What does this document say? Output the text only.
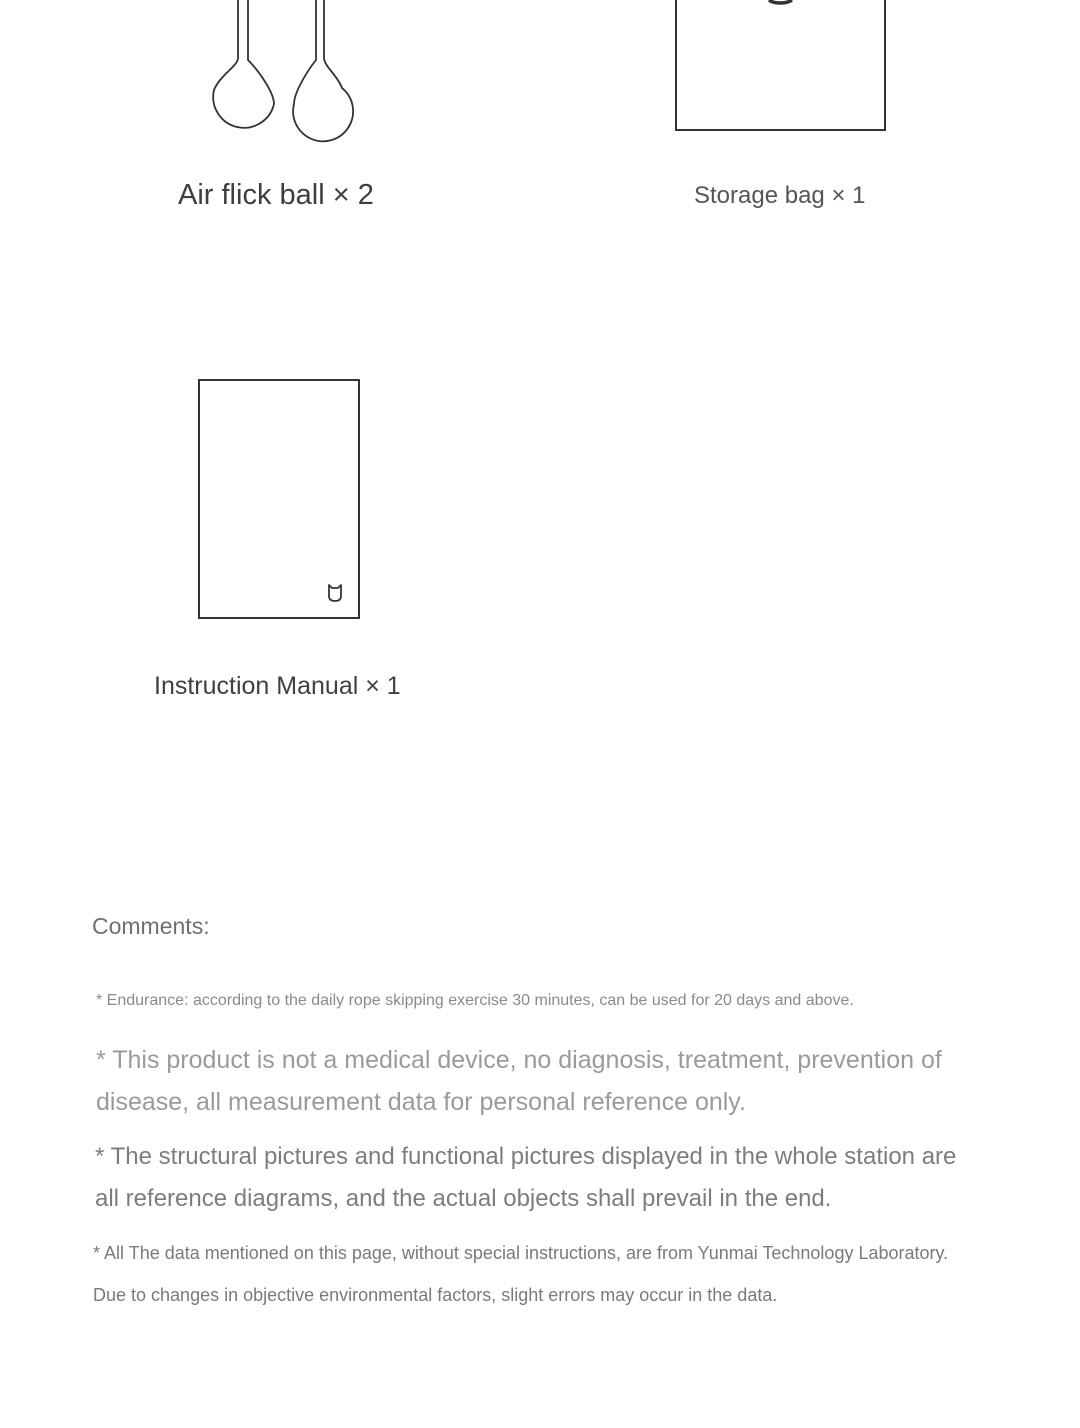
Air flick ball × 2	Storage bag × 1
Instruction Manual × 1
Comments:

* Endurance: according to the daily rope skipping exercise 30 minutes, can be used for 20 days and above.

* This product is not a medical device, no diagnosis, treatment, prevention of disease, all measurement data for personal reference only.

* The structural pictures and functional pictures displayed in the whole station are all reference diagrams, and the actual objects shall prevail in the end.

* All The data mentioned on this page, without special instructions, are from Yunmai Technology Laboratory. Due to changes in objective environmental factors, slight errors may occur in the data.
